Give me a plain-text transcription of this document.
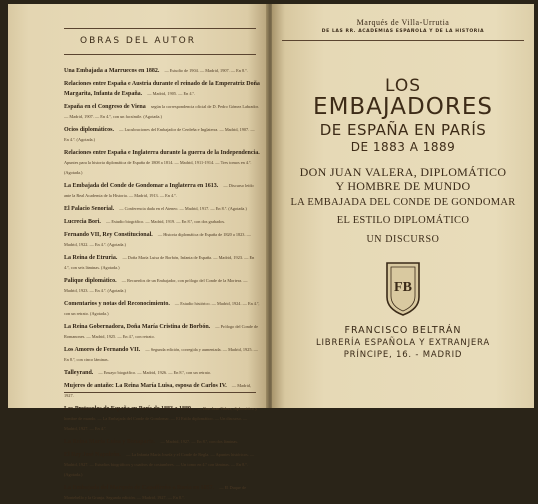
OBRAS DEL AUTOR
Una Embajada a Marruecos en 1882. — Estudio de 1904. — Madrid, 1907. — En 8.º.
Relaciones entre España e Austria durante el reinado de la Emperatriz Doña Margarita, Infanta de España. — Madrid, 1905. — En 4.º.
España en el Congreso de Viena según la correspondencia oficial de D. Pedro Gómez Labrador. — Madrid, 1907. — En 4.º, con un facsímile. (Agotada.)
Ocios diplomáticos. — Lucubraciones del Embajador de Cerdeña e Inglaterra. — Madrid, 1907. — En 4.º. (Agotada.)
Relaciones entre España e Inglaterra durante la guerra de la Independencia. Apuntes para la historia diplomática de España de 1808 a 1814. — Madrid, 1911-1914. — Tres tomos en 4.º. (Agotada.)
La Embajada del Conde de Gondomar a Inglaterra en 1613. — Discurso leído ante la Real Academia de la Historia. — Madrid, 1913. — En 4.º.
El Palacio Senorial. — Conferencia dada en el Ateneo. — Madrid, 1917. — En 8.º. (Agotada.)
Lucrecia Bori. — Estudio biográfico. — Madrid, 1919. — En 8.º, con dos grabados.
Fernando VII, Rey Constitucional. — Historia diplomática de España de 1820 a 1823. — Madrid, 1922. — En 4.º. (Agotada.)
La Reina de Etruria. — Doña María Luisa de Borbón, Infanta de España. — Madrid, 1923. — En 4.º, con seis láminas. (Agotada.)
Palique diplomático. — Recuerdos de un Embajador, con prólogo del Conde de la Mortera. — Madrid, 1923. — En 4.º. (Agotada.)
Comentarios y notas del Reconocimiento. — Estudio histórico. — Madrid, 1924. — En 4.º, con un retrato. (Agotada.)
La Reina Gobernadora, Doña María Cristina de Borbón. — Prólogo del Conde de Romanones. — Madrid, 1925. — En 4.º, con retrato.
Los Amores de Fernando VII. — Segunda edición, corregida y aumentada. — Madrid, 1925. — En 8.º, con cinco láminas.
Talleyrand. — Ensayo biográfico. — Madrid, 1926. — En 8.º, con un retrato.
Mujeres de antaño: La Reina María Luisa, esposa de Carlos IV. — Madrid, 1927.
Los Protocolos de España en París de 1883 a 1889. — Don Juan Valera, diplomático y hombre de mundo. — La Embajada del Conde de Gondomar. — El Estilo diplomático. — Un discurso. — Madrid, 1927. — En 4.º.
La Reina María Luisa y Bonaparte. — Madrid, 1927. — En 8.º, con dos láminas.
El Rey José Napoleón. — La Infanta María Josefa y el Conde de Regla. — Apuntes históricos. — Madrid, 1927. — Estudios biográficos y cuadros de costumbres. — Un tomo en 4.º con láminas. — En 8.º. (Agotada.)
La Embajada del Marqués de Capaffreño a Rusia en 1857. — El Duque de Montebello y la Granja. Segunda edición. — Madrid, 1927. — En 8.º.
Marqués de Villa-Urrutia
DE LAS RR. ACADEMIAS ESPAÑOLA Y DE LA HISTORIA
LOS
EMBAJADORES
DE ESPAÑA EN PARÍS
DE 1883 A 1889
DON JUAN VALERA, DIPLOMÁTICO
Y HOMBRE DE MUNDO
LA EMBAJADA DEL CONDE DE GONDOMAR
EL ESTILO DIPLOMÁTICO
UN DISCURSO
FB
FRANCISCO BELTRÁN
LIBRERÍA ESPAÑOLA Y EXTRANJERA
PRÍNCIPE, 16. - MADRID
